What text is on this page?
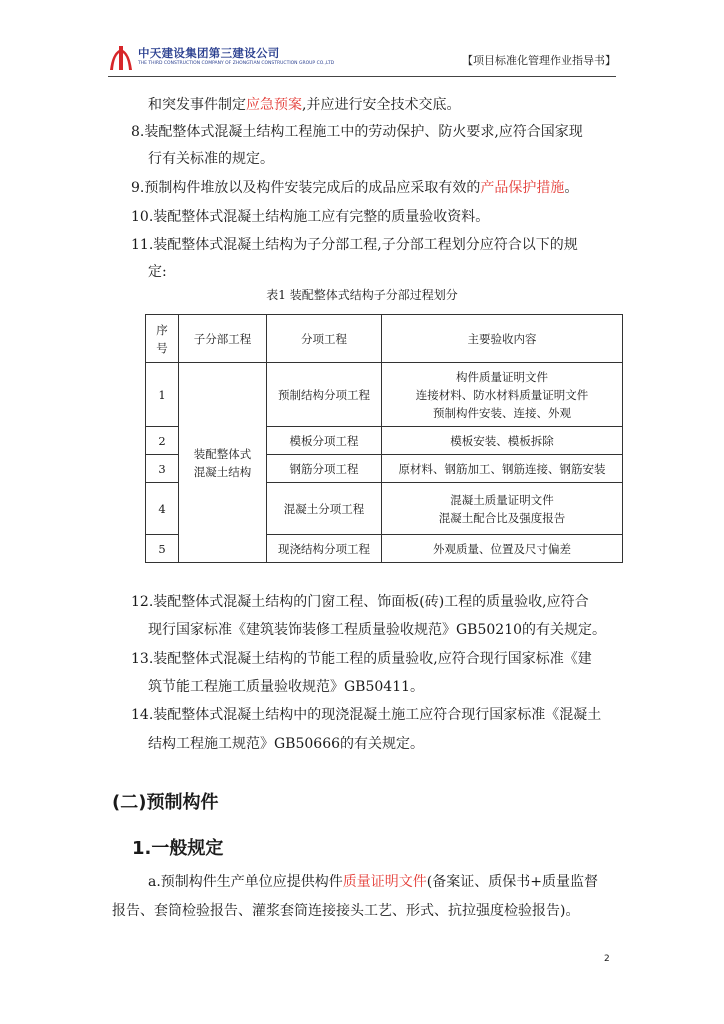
中天建设集团第三建设公司
THE THIRD CONSTRUCTION COMPANY OF ZHONGTIAN CONSTRUCTION GROUP CO.,LTD	【项目标准化管理作业指导书】
和突发事件制定应急预案,并应进行安全技术交底。
8.装配整体式混凝土结构工程施工中的劳动保护、防火要求,应符合国家现
行有关标准的规定。
9.预制构件堆放以及构件安装完成后的成品应采取有效的产品保护措施。
10.装配整体式混凝土结构施工应有完整的质量验收资料。
11.装配整体式混凝土结构为子分部工程,子分部工程划分应符合以下的规
定:
表1 装配整体式结构子分部过程划分
序号	子分部工程	分项工程	主要验收内容
1	装配整体式混凝土结构	预制结构分项工程	构件质量证明文件
连接材料、防水材料质量证明文件
预制构件安装、连接、外观

2		模板分项工程	模板安装、模板拆除

3		钢筋分项工程	原材料、钢筋加工、钢筋连接、钢筋安装

4		混凝土分项工程	混凝土质量证明文件
混凝土配合比及强度报告

5		现浇结构分项工程	外观质量、位置及尺寸偏差
12.装配整体式混凝土结构的门窗工程、饰面板(砖)工程的质量验收,应符合
现行国家标准《建筑装饰装修工程质量验收规范》GB50210的有关规定。
13.装配整体式混凝土结构的节能工程的质量验收,应符合现行国家标准《建
筑节能工程施工质量验收规范》GB50411。
14.装配整体式混凝土结构中的现浇混凝土施工应符合现行国家标准《混凝土
结构工程施工规范》GB50666的有关规定。
(二)预制构件
1.一般规定
a.预制构件生产单位应提供构件质量证明文件(备案证、质保书+质量监督
报告、套筒检验报告、灌浆套筒连接接头工艺、形式、抗拉强度检验报告)。
2
